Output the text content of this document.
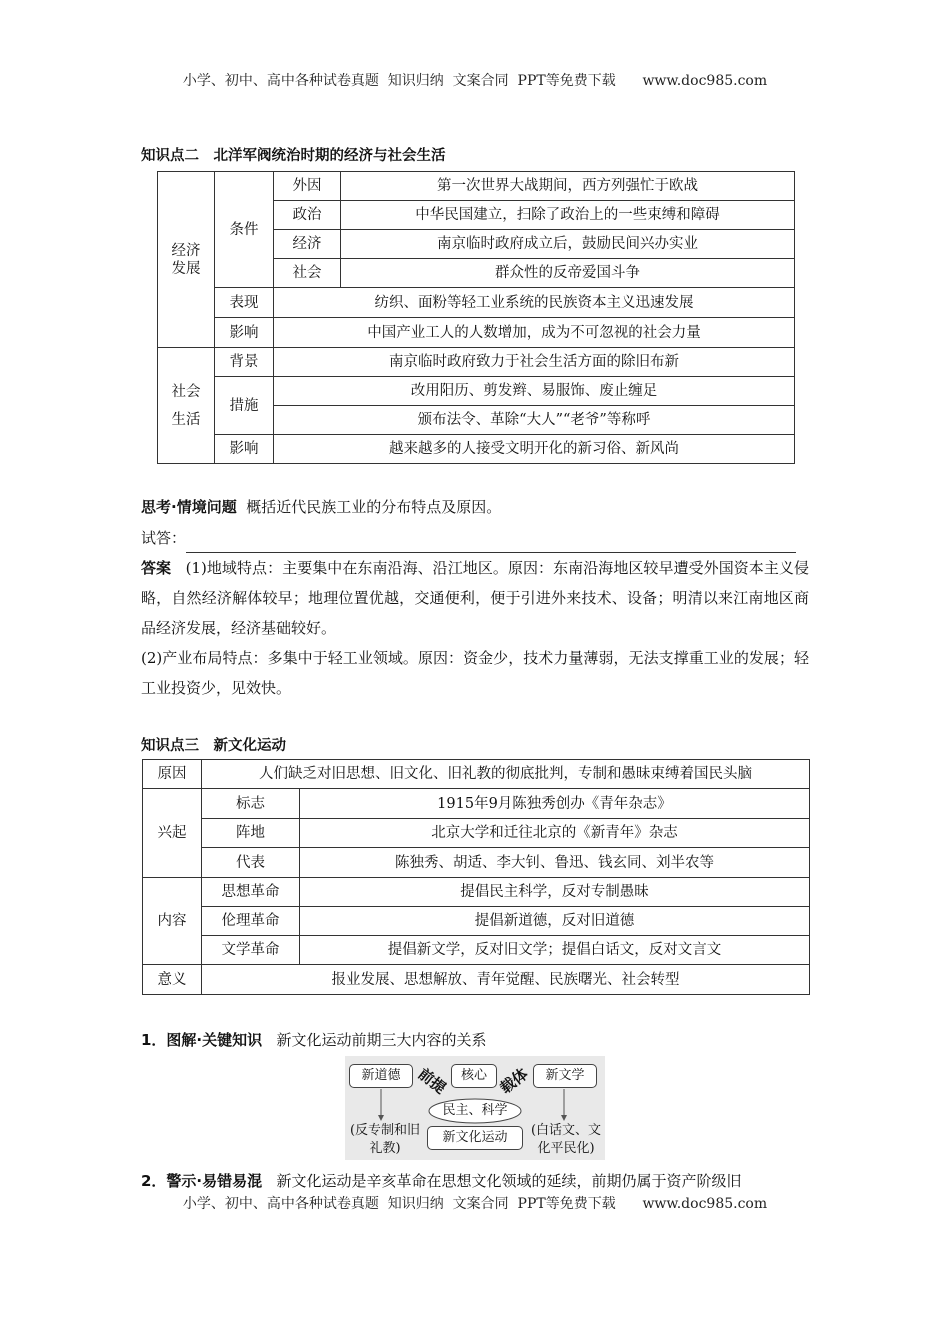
小学、初中、高中各种试卷真题  知识归纳  文案合同  PPT等免费下载      www.doc985.com
知识点二　北洋军阀统治时期的经济与社会生活
经济发展	条件	外因	第一次世界大战期间，西方列强忙于欧战
		政治	中华民国建立，扫除了政治上的一些束缚和障碍
		经济	南京临时政府成立后，鼓励民间兴办实业
		社会	群众性的反帝爱国斗争
	表现	纺织、面粉等轻工业系统的民族资本主义迅速发展	
	影响	中国产业工人的人数增加，成为不可忽视的社会力量	
社会生活	背景	南京临时政府致力于社会生活方面的除旧布新	
	措施	改用阳历、剪发辫、易服饰、废止缠足	
		颁布法令、革除“大人”“老爷”等称呼	
	影响	越来越多的人接受文明开化的新习俗、新风尚	
思考·情境问题 概括近代民族工业的分布特点及原因。
试答：
答案 (1)地域特点：主要集中在东南沿海、沿江地区。原因：东南沿海地区较早遭受外国资本主义侵略，自然经济解体较早；地理位置优越，交通便利，便于引进外来技术、设备；明清以来江南地区商品经济发展，经济基础较好。
(2)产业布局特点：多集中于轻工业领域。原因：资金少，技术力量薄弱，无法支撑重工业的发展；轻工业投资少，见效快。
知识点三　新文化运动
原因	人们缺乏对旧思想、旧文化、旧礼教的彻底批判，专制和愚昧束缚着国民头脑	
兴起	标志	1915年9月陈独秀创办《青年杂志》
	阵地	北京大学和迁往北京的《新青年》杂志
	代表	陈独秀、胡适、李大钊、鲁迅、钱玄同、刘半农等
内容	思想革命	提倡民主科学，反对专制愚昧
	伦理革命	提倡新道德，反对旧道德
	文学革命	提倡新文学，反对旧文学；提倡白话文，反对文言文
意义	报业发展、思想解放、青年觉醒、民族曙光、社会转型	
1．图解·关键知识 新文化运动前期三大内容的关系
新道德	核心	新文学
前提	载体
民主、科学
(反专制和旧礼教)
新文化运动	(白话文、文化平民化)
2．警示·易错易混 新文化运动是辛亥革命在思想文化领域的延续，前期仍属于资产阶级旧
小学、初中、高中各种试卷真题  知识归纳  文案合同  PPT等免费下载      www.doc985.com
